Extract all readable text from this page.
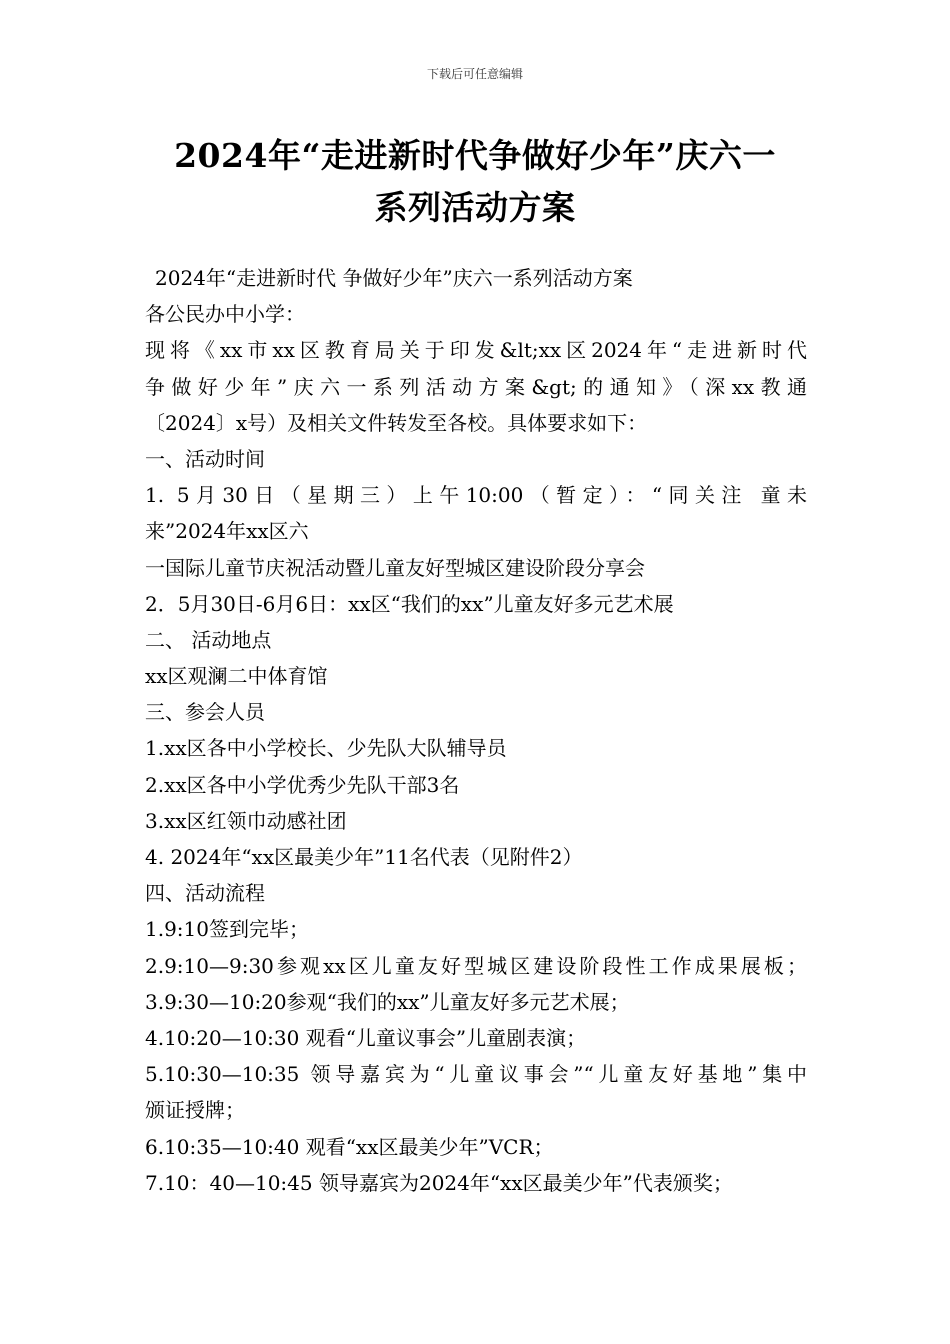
下载后可任意编辑
2024年“走进新时代争做好少年”庆六一
系列活动方案
2024年“走进新时代 争做好少年”庆六一系列活动方案
各公民办中小学：
现将《xx市xx区教育局关于印发&lt;xx区2024年“走进新时代
争做好少年”庆六一系列活动方案&gt;的通知》（深xx教通
〔2024〕x号）及相关文件转发至各校。具体要求如下：
一、活动时间
1. 5月30日（星期三）上午10:00（暂定）：“同关注 童未
来”2024年xx区六
一国际儿童节庆祝活动暨儿童友好型城区建设阶段分享会
2．5月30日-6月6日：xx区“我们的xx”儿童友好多元艺术展
二、 活动地点
xx区观澜二中体育馆
三、参会人员
1.xx区各中小学校长、少先队大队辅导员
2.xx区各中小学优秀少先队干部3名
3.xx区红领巾动感社团
4. 2024年“xx区最美少年”11名代表（见附件2）
四、活动流程
1.9:10签到完毕；
2.9:10—9:30参观xx区儿童友好型城区建设阶段性工作成果展板；
3.9:30—10:20参观“我们的xx”儿童友好多元艺术展；
4.10:20—10:30 观看“儿童议事会”儿童剧表演；
5.10:30—10:35 领导嘉宾为“儿童议事会”“儿童友好基地”集中
颁证授牌；
6.10:35—10:40 观看“xx区最美少年”VCR；
7.10：40—10:45 领导嘉宾为2024年“xx区最美少年”代表颁奖；
